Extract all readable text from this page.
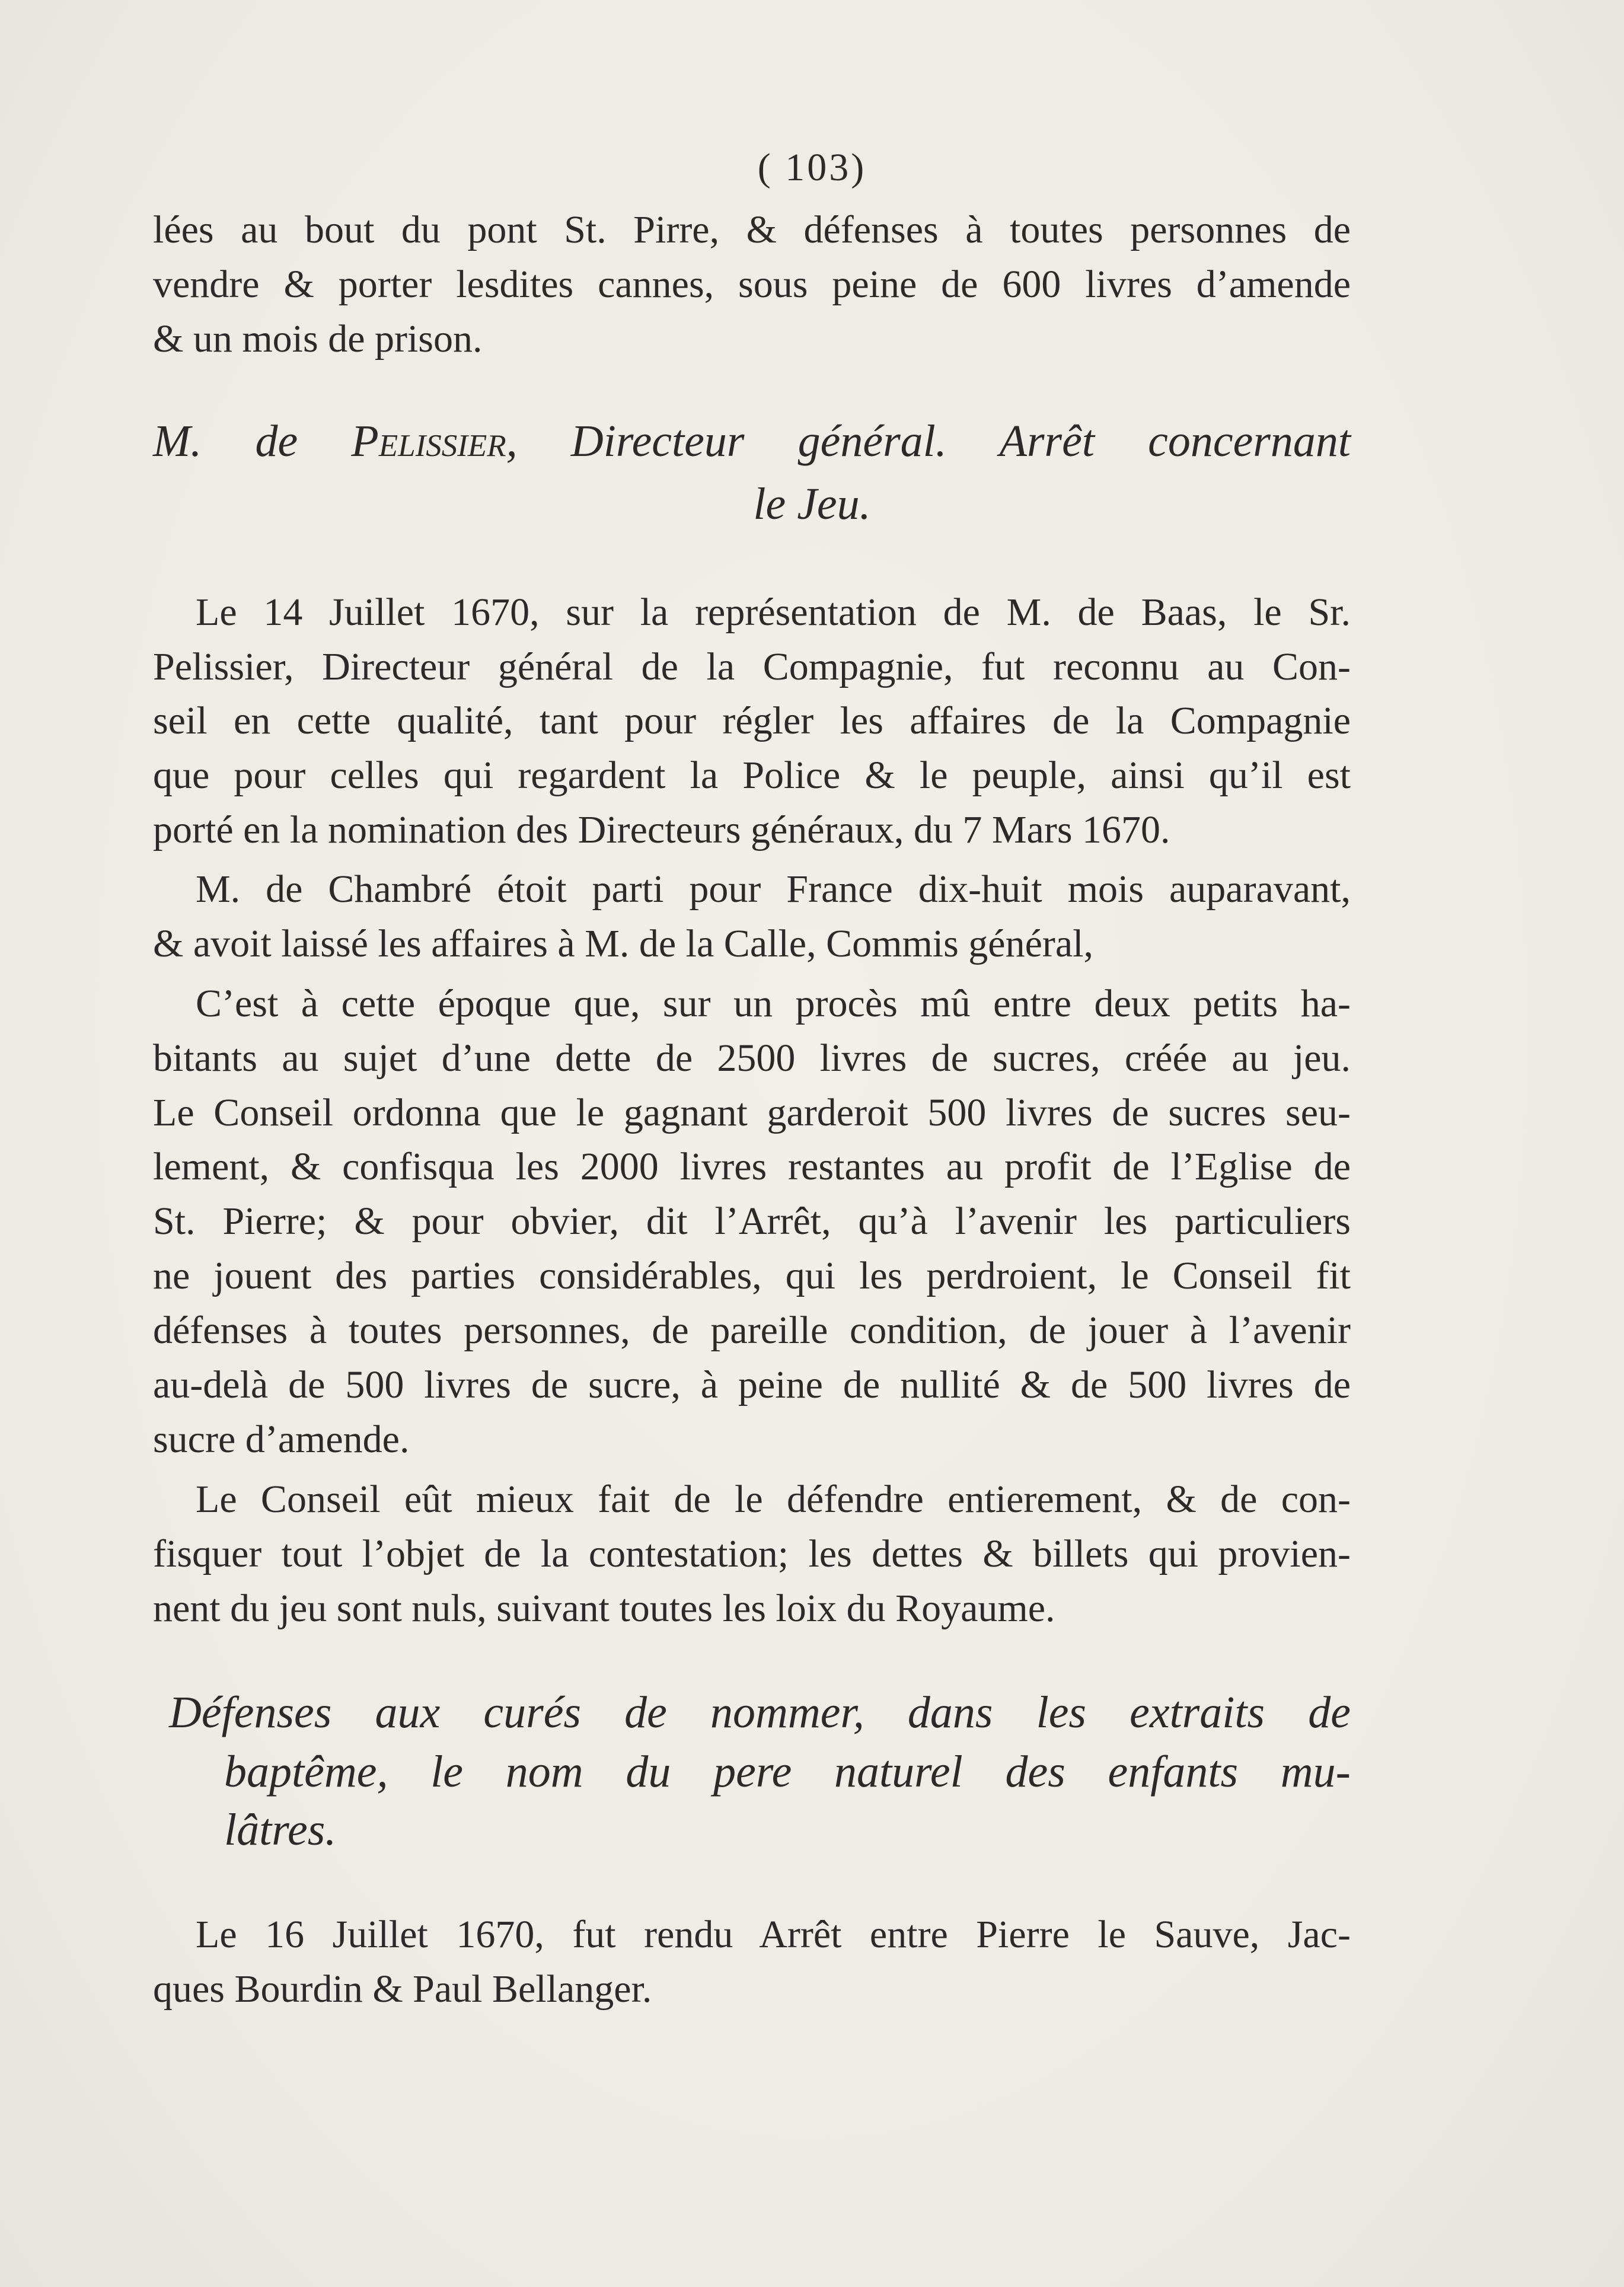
( 103)
lées au bout du pont St. Pirre, & défenses à toutes personnes de
vendre & porter lesdites cannes, sous peine de 600 livres d’amende
& un mois de prison.
M. de Pelissier, Directeur général. Arrêt concernant
le Jeu.
Le 14 Juillet 1670, sur la représentation de M. de Baas, le Sr.
Pelissier, Directeur général de la Compagnie, fut reconnu au Con-
seil en cette qualité, tant pour régler les affaires de la Compagnie
que pour celles qui regardent la Police & le peuple, ainsi qu’il est
porté en la nomination des Directeurs généraux, du 7 Mars 1670.
M. de Chambré étoit parti pour France dix-huit mois auparavant,
& avoit laissé les affaires à M. de la Calle, Commis général,
C’est à cette époque que, sur un procès mû entre deux petits ha-
bitants au sujet d’une dette de 2500 livres de sucres, créée au jeu.
Le Conseil ordonna que le gagnant garderoit 500 livres de sucres seu-
lement, & confisqua les 2000 livres restantes au profit de l’Eglise de
St. Pierre; & pour obvier, dit l’Arrêt, qu’à l’avenir les particuliers
ne jouent des parties considérables, qui les perdroient, le Conseil fit
défenses à toutes personnes, de pareille condition, de jouer à l’avenir
au-delà de 500 livres de sucre, à peine de nullité & de 500 livres de
sucre d’amende.
Le Conseil eût mieux fait de le défendre entierement, & de con-
fisquer tout l’objet de la contestation; les dettes & billets qui provien-
nent du jeu sont nuls, suivant toutes les loix du Royaume.
Défenses aux curés de nommer, dans les extraits de
baptême, le nom du pere naturel des enfants mu-
lâtres.
Le 16 Juillet 1670, fut rendu Arrêt entre Pierre le Sauve, Jac-
ques Bourdin & Paul Bellanger.
